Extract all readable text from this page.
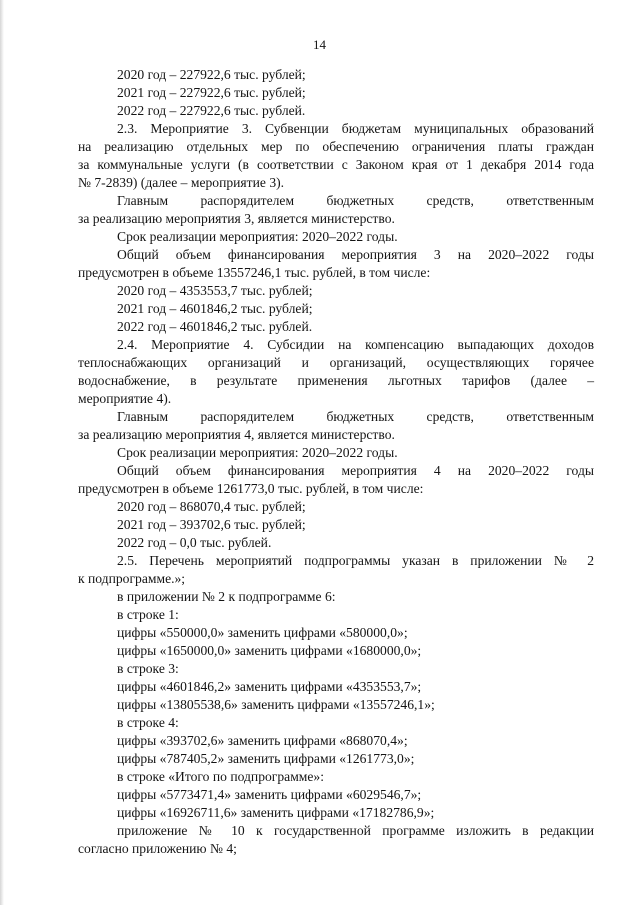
14
2020 год – 227922,6 тыс. рублей;
2021 год – 227922,6 тыс. рублей;
2022 год – 227922,6 тыс. рублей.
2.3. Мероприятие 3. Субвенции бюджетам муниципальных образований
на реализацию отдельных мер по обеспечению ограничения платы граждан
за коммунальные услуги (в соответствии с Законом края от 1 декабря 2014 года
№ 7-2839) (далее – мероприятие 3).
Главным распорядителем бюджетных средств, ответственным
за реализацию мероприятия 3, является министерство.
Срок реализации мероприятия: 2020–2022 годы.
Общий объем финансирования мероприятия 3 на 2020–2022 годы
предусмотрен в объеме 13557246,1 тыс. рублей, в том числе:
2020 год – 4353553,7 тыс. рублей;
2021 год – 4601846,2 тыс. рублей;
2022 год – 4601846,2 тыс. рублей.
2.4. Мероприятие 4. Субсидии на компенсацию выпадающих доходов
теплоснабжающих организаций и организаций, осуществляющих горячее
водоснабжение, в результате применения льготных тарифов (далее –
мероприятие 4).
Главным распорядителем бюджетных средств, ответственным
за реализацию мероприятия 4, является министерство.
Срок реализации мероприятия: 2020–2022 годы.
Общий объем финансирования мероприятия 4 на 2020–2022 годы
предусмотрен в объеме 1261773,0 тыс. рублей, в том числе:
2020 год – 868070,4 тыс. рублей;
2021 год – 393702,6 тыс. рублей;
2022 год – 0,0 тыс. рублей.
2.5. Перечень мероприятий подпрограммы указан в приложении № 2
к подпрограмме.»;
в приложении № 2 к подпрограмме 6:
в строке 1:
цифры «550000,0» заменить цифрами «580000,0»;
цифры «1650000,0» заменить цифрами «1680000,0»;
в строке 3:
цифры «4601846,2» заменить цифрами «4353553,7»;
цифры «13805538,6» заменить цифрами «13557246,1»;
в строке 4:
цифры «393702,6» заменить цифрами «868070,4»;
цифры «787405,2» заменить цифрами «1261773,0»;
в строке «Итого по подпрограмме»:
цифры «5773471,4» заменить цифрами «6029546,7»;
цифры «16926711,6» заменить цифрами «17182786,9»;
приложение № 10 к государственной программе изложить в редакции
согласно приложению № 4;
